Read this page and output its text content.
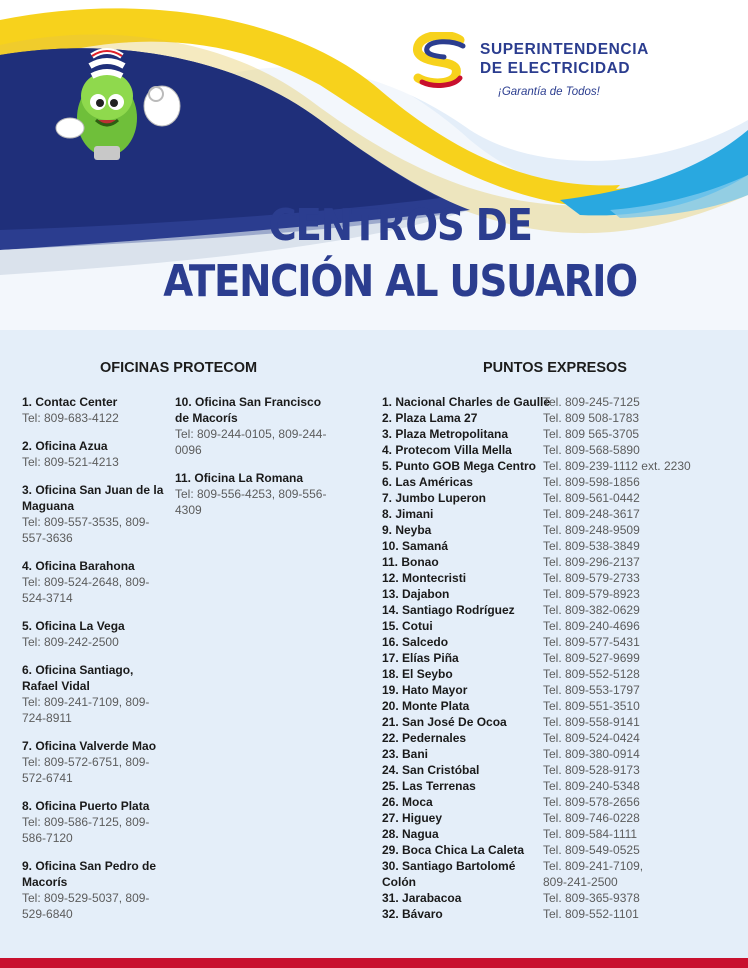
SUPERINTENDENCIA
DE ELECTRICIDAD
¡Garantía de Todos!
CENTROS DE
ATENCIÓN AL USUARIO
OFICINAS PROTECOM	PUNTOS EXPRESOS
1. Contac Center
Tel: 809-683-4122
2. Oficina Azua
Tel: 809-521-4213
3. Oficina San Juan de la Maguana
Tel: 809-557-3535, 809-557-3636
4. Oficina Barahona
Tel: 809-524-2648, 809-524-3714
5. Oficina La Vega
Tel: 809-242-2500
6. Oficina Santiago, Rafael Vidal
Tel: 809-241-7109, 809-724-8911
7. Oficina Valverde Mao
Tel: 809-572-6751, 809-572-6741
8. Oficina Puerto Plata
Tel: 809-586-7125, 809-586-7120
9. Oficina San Pedro de Macorís
Tel: 809-529-5037, 809-529-6840
10. Oficina San Francisco de Macorís
Tel: 809-244-0105, 809-244-0096
11. Oficina La Romana
Tel: 809-556-4253, 809-556-4309
1. Nacional Charles de Gaulle
Tel. 809-245-7125
2. Plaza Lama 27	Tel. 809 508-1783
3. Plaza Metropolitana	Tel. 809 565-3705
4. Protecom Villa Mella	Tel. 809-568-5890
5. Punto GOB Mega Centro Tel. 809-239-1112 ext. 2230
6. Las Américas	Tel. 809-598-1856
7. Jumbo Luperon	Tel. 809-561-0442
8. Jimani	Tel. 809-248-3617
9. Neyba	Tel. 809-248-9509
10. Samaná	Tel. 809-538-3849
11. Bonao	Tel. 809-296-2137
12. Montecristi	Tel. 809-579-2733
13. Dajabon	Tel. 809-579-8923
14. Santiago Rodríguez	Tel. 809-382-0629
15. Cotui	Tel. 809-240-4696
16. Salcedo	Tel. 809-577-5431
17. Elías Piña	Tel. 809-527-9699
18. El Seybo	Tel. 809-552-5128
19. Hato Mayor	Tel. 809-553-1797
20. Monte Plata	Tel. 809-551-3510
21. San José De Ocoa	Tel. 809-558-9141
22. Pedernales	Tel. 809-524-0424
23. Bani	Tel. 809-380-0914
24. San Cristóbal	Tel. 809-528-9173
25. Las Terrenas	Tel. 809-240-5348
26. Moca	Tel. 809-578-2656
27. Higuey	Tel. 809-746-0228
28. Nagua	Tel. 809-584-1111
29. Boca Chica La Caleta	Tel. 809-549-0525
30. Santiago Bartolomé Colón
Tel. 809-241-7109, 809-241-2500
31. Jarabacoa	Tel. 809-365-9378
32. Bávaro	Tel. 809-552-1101
